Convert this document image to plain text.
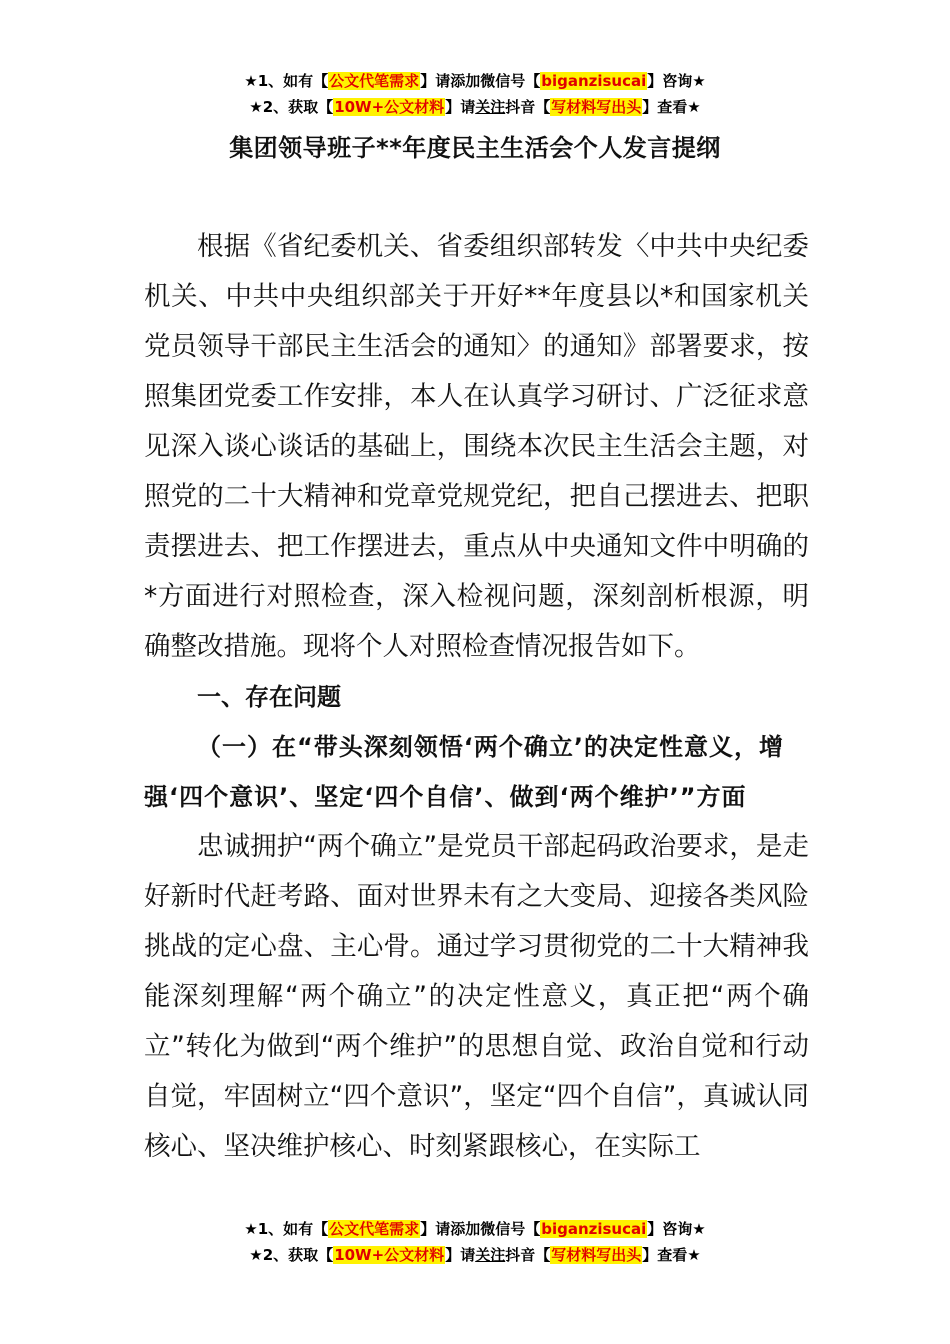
★1、如有【公文代笔需求】请添加微信号【biganzisucai】咨询★
★2、获取【10W+公文材料】请关注抖音【写材料写出头】查看★
集团领导班子**年度民主生活会个人发言提纲

根据《省纪委机关、省委组织部转发〈中共中央纪委机关、中共中央组织部关于开好**年度县以*和国家机关党员领导干部民主生活会的通知〉的通知》部署要求，按照集团党委工作安排，本人在认真学习研讨、广泛征求意见深入谈心谈话的基础上，围绕本次民主生活会主题，对照党的二十大精神和党章党规党纪，把自己摆进去、把职责摆进去、把工作摆进去，重点从中央通知文件中明确的*方面进行对照检查，深入检视问题，深刻剖析根源，明确整改措施。现将个人对照检查情况报告如下。

一、存在问题

（一）在“带头深刻领悟‘两个确立’的决定性意义，增强‘四个意识’、坚定‘四个自信’、做到‘两个维护’”方面

忠诚拥护“两个确立”是党员干部起码政治要求，是走好新时代赶考路、面对世界未有之大变局、迎接各类风险挑战的定心盘、主心骨。通过学习贯彻党的二十大精神我能深刻理解“两个确立”的决定性意义，真正把“两个确立”转化为做到“两个维护”的思想自觉、政治自觉和行动自觉，牢固树立“四个意识”，坚定“四个自信”，真诚认同核心、坚决维护核心、时刻紧跟核心，在实际工

★1、如有【公文代笔需求】请添加微信号【biganzisucai】咨询★
★2、获取【10W+公文材料】请关注抖音【写材料写出头】查看★
